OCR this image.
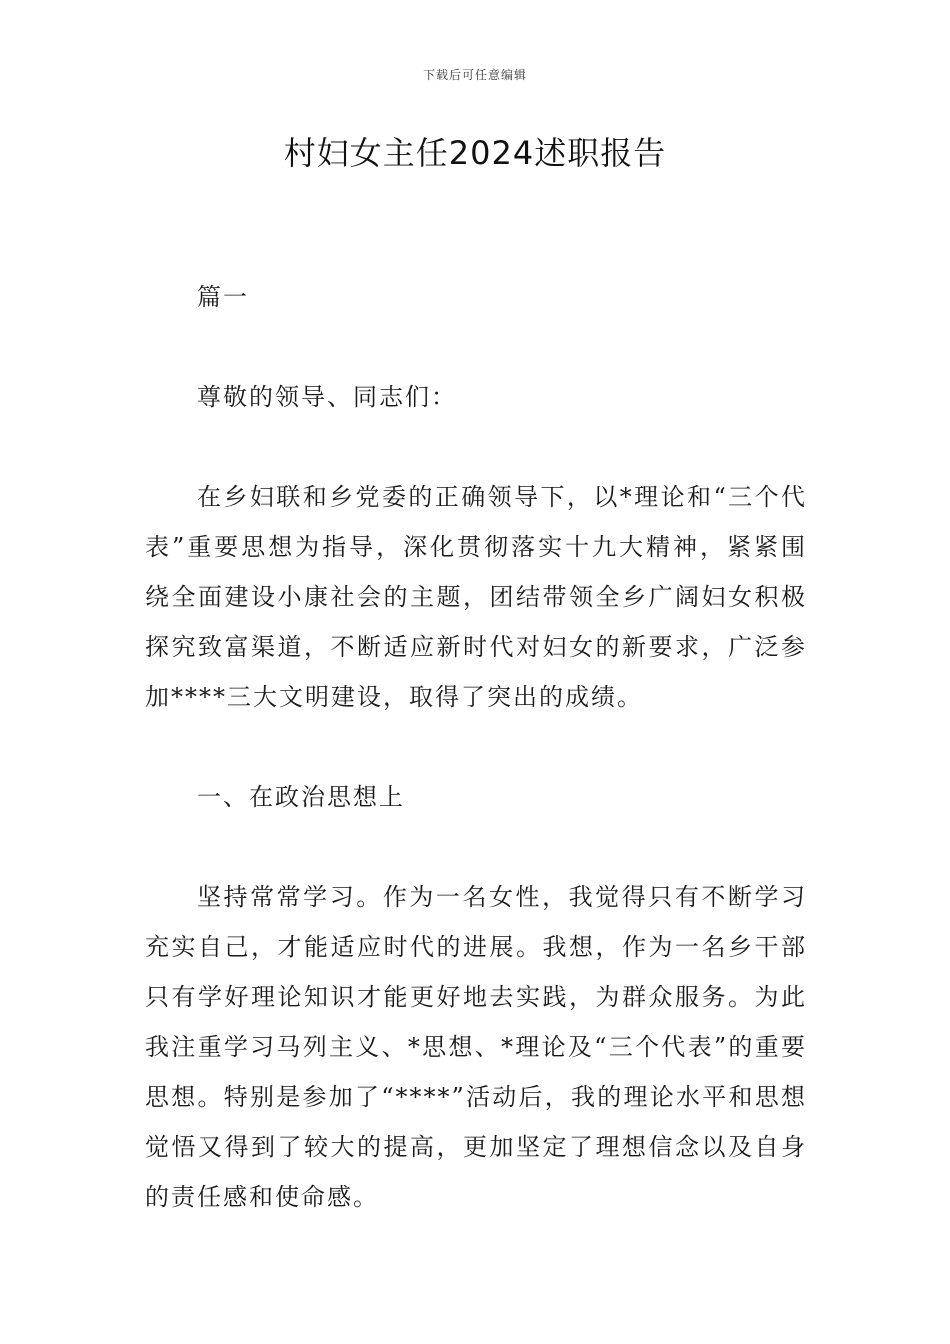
下载后可任意编辑
村妇女主任2024述职报告

篇一

尊敬的领导、同志们：

在乡妇联和乡党委的正确领导下，以*理论和“三个代表”重要思想为指导，深化贯彻落实十九大精神，紧紧围绕全面建设小康社会的主题，团结带领全乡广阔妇女积极探究致富渠道，不断适应新时代对妇女的新要求，广泛参加****三大文明建设，取得了突出的成绩。

一、在政治思想上

坚持常常学习。作为一名女性，我觉得只有不断学习充实自己，才能适应时代的进展。我想，作为一名乡干部只有学好理论知识才能更好地去实践，为群众服务。为此我注重学习马列主义、*思想、*理论及“三个代表”的重要思想。特别是参加了“****”活动后，我的理论水平和思想觉悟又得到了较大的提高，更加坚定了理想信念以及自身的责任感和使命感。
